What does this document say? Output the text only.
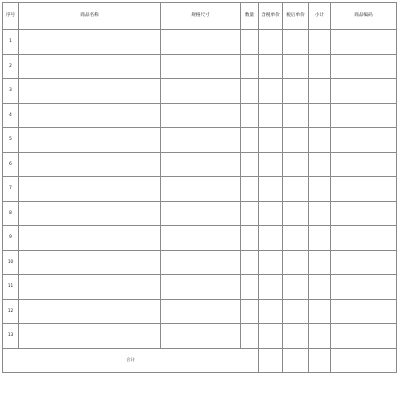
序号	商品名称	规格尺寸	数量	含税单价	税后单价	小计	商品编码
1							
2							
3							
4							
5							
6							
7							
8							
9							
10							
11							
12							
13							
合计							
